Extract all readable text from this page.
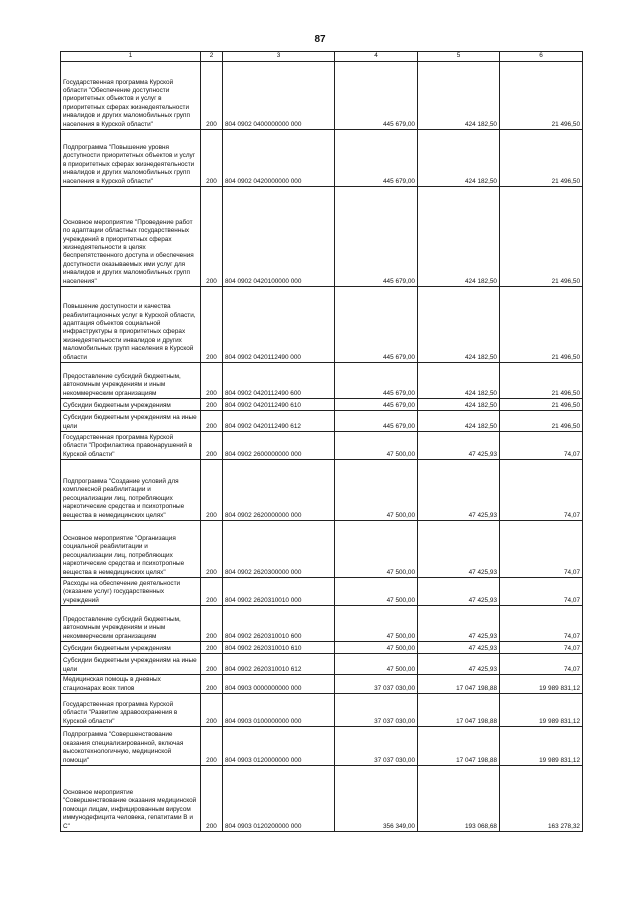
87
1	2	3	4	5	6
Государственная программа Курской области "Обеспечение доступности приоритетных объектов и услуг в приоритетных сферах жизнедеятельности инвалидов и других маломобильных групп населения в Курской области"	200	804 0902 0400000000 000	445 679,00	424 182,50	21 496,50
Подпрограмма "Повышение уровня доступности приоритетных объектов и услуг в приоритетных сферах жизнедеятельности инвалидов и других маломобильных групп населения в Курской области"	200	804 0902 0420000000 000	445 679,00	424 182,50	21 496,50
Основное мероприятие "Проведение работ по адаптации областных государственных учреждений в приоритетных сферах жизнедеятельности в целях беспрепятственного доступа и обеспечения доступности оказываемых ими услуг для инвалидов и других маломобильных групп населения"	200	804 0902 0420100000 000	445 679,00	424 182,50	21 496,50
Повышение доступности и качества реабилитационных услуг в Курской области, адаптация объектов социальной инфраструктуры в приоритетных сферах жизнедеятельности инвалидов и других маломобильных групп населения в Курской области	200	804 0902 0420112490 000	445 679,00	424 182,50	21 496,50
Предоставление субсидий бюджетным, автономным учреждениям и иным некоммерческим организациям	200	804 0902 0420112490 600	445 679,00	424 182,50	21 496,50
Субсидии бюджетным учреждениям	200	804 0902 0420112490 610	445 679,00	424 182,50	21 496,50
Субсидии бюджетным учреждениям на иные цели	200	804 0902 0420112490 612	445 679,00	424 182,50	21 496,50
Государственная программа Курской области "Профилактика правонарушений в Курской области"	200	804 0902 2600000000 000	47 500,00	47 425,93	74,07
Подпрограмма "Создание условий для комплексной реабилитации и ресоциализации лиц, потребляющих наркотические средства и психотропные вещества в немедицинских целях"	200	804 0902 2620000000 000	47 500,00	47 425,93	74,07
Основное мероприятие "Организация социальной реабилитации и ресоциализации лиц, потребляющих наркотические средства и психотропные вещества в немедицинских целях"	200	804 0902 2620300000 000	47 500,00	47 425,93	74,07
Расходы на обеспечение деятельности (оказание услуг) государственных учреждений	200	804 0902 2620310010 000	47 500,00	47 425,93	74,07
Предоставление субсидий бюджетным, автономным учреждениям и иным некоммерческим организациям	200	804 0902 2620310010 600	47 500,00	47 425,93	74,07
Субсидии бюджетным учреждениям	200	804 0902 2620310010 610	47 500,00	47 425,93	74,07
Субсидии бюджетным учреждениям на иные цели	200	804 0902 2620310010 612	47 500,00	47 425,93	74,07
Медицинская помощь в дневных стационарах всех типов	200	804 0903 0000000000 000	37 037 030,00	17 047 198,88	19 989 831,12
Государственная программа Курской области "Развитие здравоохранения в Курской области"	200	804 0903 0100000000 000	37 037 030,00	17 047 198,88	19 989 831,12
Подпрограмма "Совершенствование оказания специализированной, включая высокотехнологичную, медицинской помощи"	200	804 0903 0120000000 000	37 037 030,00	17 047 198,88	19 989 831,12
Основное мероприятие "Совершенствование оказания медицинской помощи лицам, инфицированным вирусом иммунодефицита человека, гепатитами B и C"	200	804 0903 0120200000 000	356 349,00	193 068,68	163 278,32
